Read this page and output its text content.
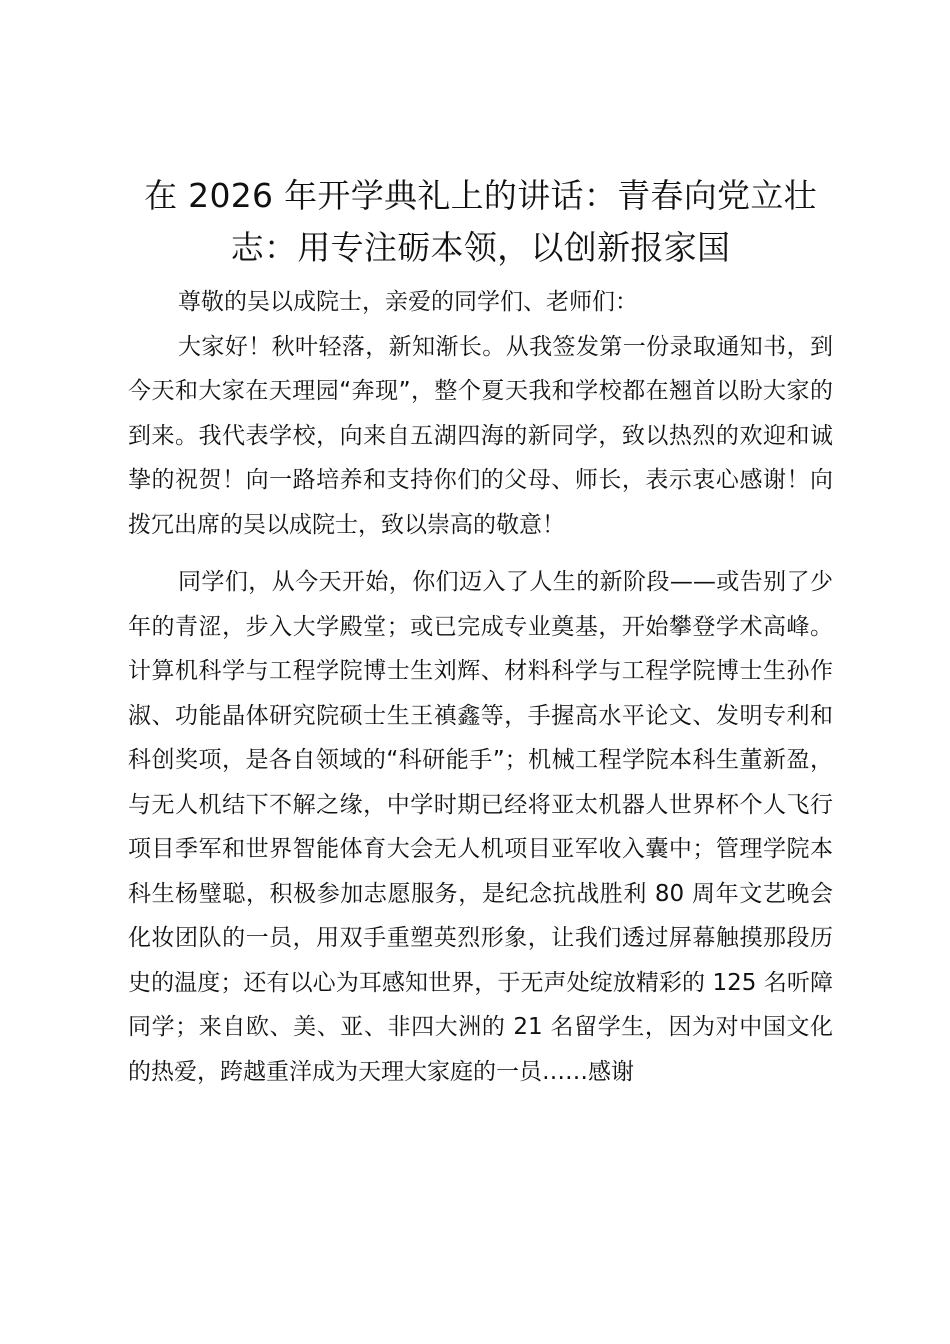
在 2026 年开学典礼上的讲话：青春向党立壮
志：用专注砺本领，以创新报家国

尊敬的吴以成院士，亲爱的同学们、老师们：

大家好！秋叶轻落，新知渐长。从我签发第一份录取通知书，到今天和大家在天理园“奔现”，整个夏天我和学校都在翘首以盼大家的到来。我代表学校，向来自五湖四海的新同学，致以热烈的欢迎和诚挚的祝贺！向一路培养和支持你们的父母、师长，表示衷心感谢！向拨冗出席的吴以成院士，致以崇高的敬意！

同学们，从今天开始，你们迈入了人生的新阶段——或告别了少年的青涩，步入大学殿堂；或已完成专业奠基，开始攀登学术高峰。计算机科学与工程学院博士生刘辉、材料科学与工程学院博士生孙作淑、功能晶体研究院硕士生王禛鑫等，手握高水平论文、发明专利和科创奖项，是各自领域的“科研能手”；机械工程学院本科生董新盈，与无人机结下不解之缘，中学时期已经将亚太机器人世界杯个人飞行项目季军和世界智能体育大会无人机项目亚军收入囊中；管理学院本科生杨璧聪，积极参加志愿服务，是纪念抗战胜利 80 周年文艺晚会化妆团队的一员，用双手重塑英烈形象，让我们透过屏幕触摸那段历史的温度；还有以心为耳感知世界，于无声处绽放精彩的 125 名听障同学；来自欧、美、亚、非四大洲的 21 名留学生，因为对中国文化的热爱，跨越重洋成为天理大家庭的一员……感谢
